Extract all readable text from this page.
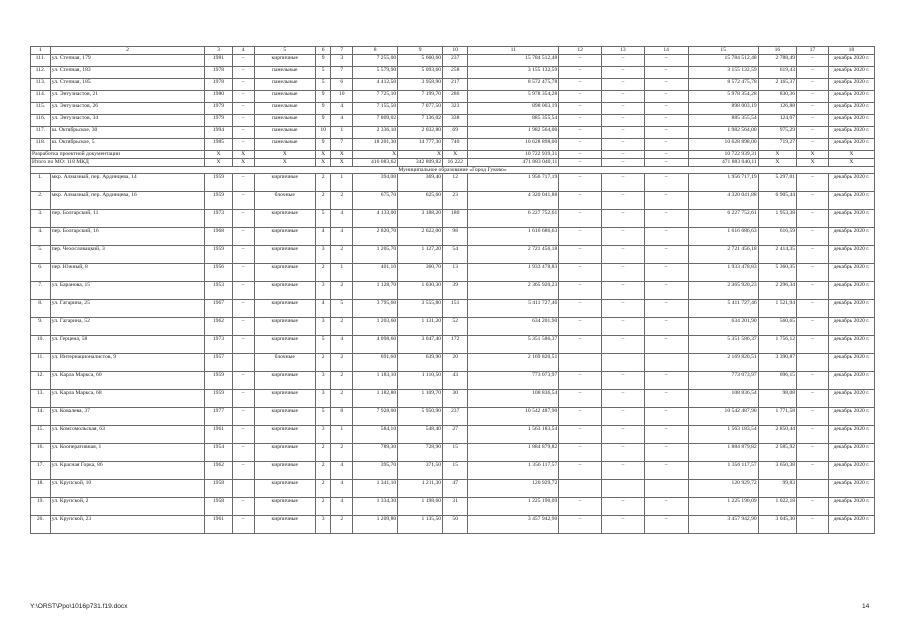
1	2	3	4	5	6	7	8	9	10	11	12	13	14	15	16	17	18
111.	ул. Степная, 179	1981	–	кирпичные	9	3	7 255,00	5 660,60	237	15 784 512,48	–	–	–	15 784 512,48	2 788,49	–	декабрь 2020 г.
112.	ул. Степная, 183	1978	–	панельные	5	7	5 579,90	5 093,60	258	3 155 132,59	–	–	–	3 155 132,59	619,43	–	декабрь 2020 г.
113.	ул. Степная, 185	1978	–	панельные	5	6	4 412,50	3 958,90	217	8 572 475,78	–	–	–	8 572 475,78	2 165,37	–	декабрь 2020 г.
114.	ул. Энтузиастов, 21	1980	–	панельные	9	10	7 725,10	7 199,70	286	5 978 354,28	–	–	–	5 978 354,28	830,36	–	декабрь 2020 г.
115.	ул. Энтузиастов, 26	1979	–	панельные	9	4	7 155,50	7 077,50	323	898 003,19	–	–	–	898 003,19	126,88	–	декабрь 2020 г.
116.	ул. Энтузиастов, 34	1979	–	панельные	9	4	7 809,02	7 136,02	338	885 355,54	–	–	–	885 355,54	124,07	–	декабрь 2020 г.
117.	ш. Октябрьское, 30	1994	–	панельные	10	1	2 336,10	2 032,80	69	1 982 564,00	–	–	–	1 982 564,00	975,29	–	декабрь 2020 г.
118.	ш. Октябрьское, 5	1985	–	панельные	9	7	18 201,30	14 777,30	740	10 628 898,00	–	–	–	10 628 898,00	719,27	–	декабрь 2020 г.
Разработка проектной документации		X	X	X	X	X	X	X	X	10 722 939,31	–	–	–	10 722 939,31	X	X	X
Итого по МО: 118 МКД		X	X	X	X	X	416 083,62	342 809,82	16 222	471 883 040,11	–	–	–	471 883 040,11	X	X	X
Муниципальное образование «Город Гуково»																	
1.	мкр. Алмазный, пер. Ардинцева, 14	1959	–	кирпичные	2	1	394,00	369,40	12	1 956 717,19	–	–	–	1 956 717,19	5 297,01	–	декабрь 2020 г.
2.	мкр. Алмазный, пер. Ардинцева, 16	1959	–	блочные	2	2	675,70	625,60	23	4 320 041,88	–	–	–	4 320 041,88	6 905,44	–	декабрь 2020 г.
3.	пер. Болгарский, 11	1973	–	кирпичные	5	4	4 133,00	3 188,20	180	6 227 752,61	–	–	–	6 227 752,61	1 953,38	–	декабрь 2020 г.
4.	пер. Болгарский, 16	1968	–	кирпичные	4	4	2 820,70	2 622,00	98	1 616 686,63	–	–	–	1 616 686,63	616,59	–	декабрь 2020 г.
5.	пер. Чехословацкий, 3	1959	–	кирпичные	3	2	1 205,70	1 127,20	54	2 721 456,18	–	–	–	2 721 456,18	2 414,35	–	декабрь 2020 г.
6.	пер. Южный, 8	1956	–	кирпичные	2	1	401,10	360,70	13	1 933 478,83	–	–	–	1 933 478,83	5 360,35	–	декабрь 2020 г.
7.	ул. Баранова, 15	1953	–	кирпичные	3	2	1 128,70	1 030,30	39	2 365 920,23	–	–	–	2 365 920,23	2 296,34	–	декабрь 2020 г.
8.	ул. Гагарина, 25	1967	–	кирпичные	4	5	3 795,60	3 555,80	151	5 411 727,46	–	–	–	5 411 727,46	1 521,94	–	декабрь 2020 г.
9.	ул. Гагарина, 52	1962	–	кирпичные	3	2	1 203,60	1 131,20	52	634 201,90	–	–	–	634 201,90	560,65	–	декабрь 2020 г.
10.	ул. Герцена, 58	1973	–	кирпичные	5	4	4 098,60	3 047,40	172	5 351 586,37	–	–	–	5 351 586,37	1 756,12	–	декабрь 2020 г.
11.	ул. Интернационалистов, 9	1957		блочные	2	2	691,60	639,90	20	2 169 820,51				2 169 820,51	3 390,87		декабрь 2020 г.
12.	ул. Карла Маркса, 60	1959	–	кирпичные	3	2	1 183,10	1 110,50	43	773 073,97	–	–	–	773 073,97	696,15	–	декабрь 2020 г.
13.	ул. Карла Маркса, 68	1959	–	кирпичные	3	2	1 182,80	1 109,70	30	108 836,54	–	–	–	108 836,54	98,08	–	декабрь 2020 г.
14.	ул. Ковалева, 37	1977	–	кирпичные	5	8	7 928,00	5 950,90	237	10 542 487,90	–	–	–	10 542 487,90	1 771,58	–	декабрь 2020 г.
15.	ул. Комсомольская, 63	1961	–	кирпичные	3	1	584,10	548,40	27	1 563 183,54	–	–	–	1 563 183,54	2 850,44	–	декабрь 2020 г.
16.	ул. Кооперативная, 1	1954	–	кирпичные	2	2	789,30	728,90	15	1 884 879,82	–	–	–	1 884 879,82	2 585,92	–	декабрь 2020 г.
17.	ул. Красная Горка, 86	1962	–	кирпичные	2	4	395,70	371,50	15	1 356 117,57	–	–	–	1 356 117,57	3 650,38	–	декабрь 2020 г.
18.	ул. Крупской, 10	1958		кирпичные	2	4	1 341,10	1 211,30	47	120 929,72				120 929,72	99,83		декабрь 2020 г.
19.	ул. Крупской, 2	1958	–	кирпичные	2	4	1 334,30	1 198,60	31	1 225 190,09	–	–	–	1 225 190,09	1 022,18	–	декабрь 2020 г.
20.	ул. Крупской, 23	1961	–	кирпичные	3	2	1 209,80	1 135,50	50	3 457 942,90	–	–	–	3 457 942,90	3 045,30	–	декабрь 2020 г.
Y:\ORST\Ppo\1016p731.f19.docx	14
